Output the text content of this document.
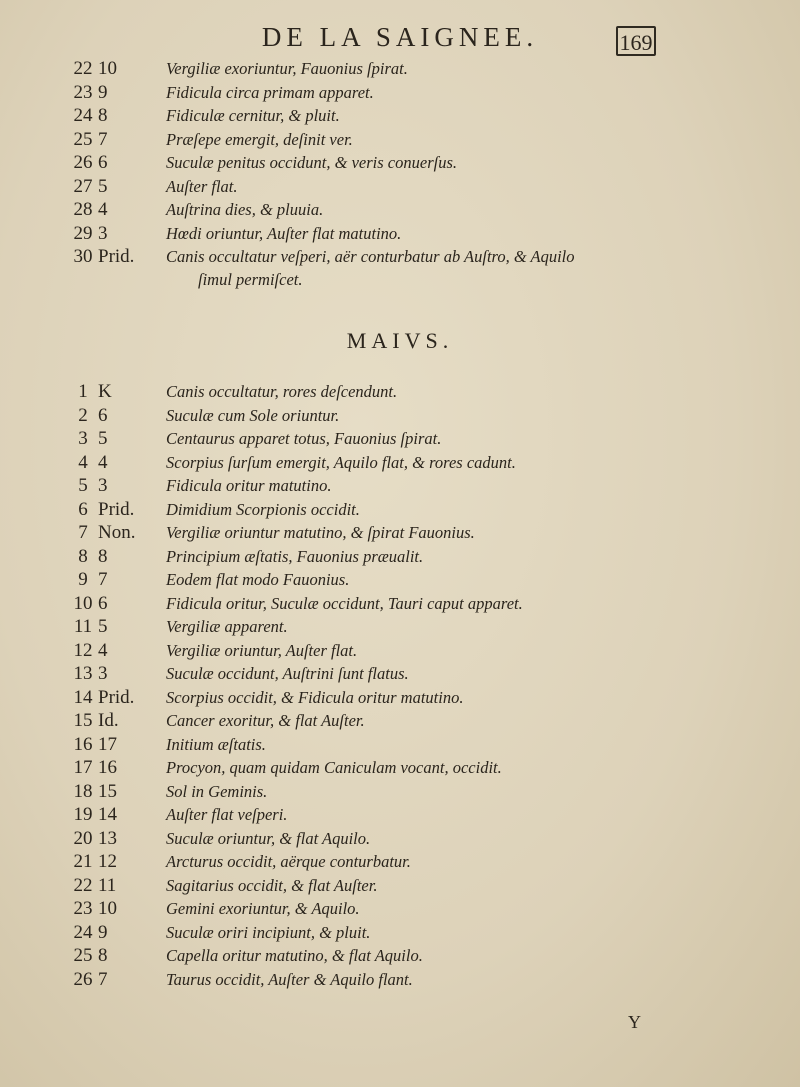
DE LA SAIGNEE.	169
22 10	Vergiliæ exoriuntur, Fauonius ſpirat.
23 9	Fidicula circa primam apparet.
24 8	Fidiculæ cernitur, & pluit.
25 7	Præſepe emergit, deſinit ver.
26 6	Suculæ penitus occidunt, & veris conuerſus.
27 5	Auſter flat.
28 4	Auſtrina dies, & pluuia.
29 3	Hœdi oriuntur, Auſter flat matutino.
30 Prid.	Canis occultatur veſperi, aër conturbatur ab Auſtro, & Aquilo
ſimul permiſcet.
MAIVS.
1 K	Canis occultatur, rores deſcendunt.
2 6	Suculæ cum Sole oriuntur.
3 5	Centaurus apparet totus, Fauonius ſpirat.
4 4	Scorpius ſurſum emergit, Aquilo flat, & rores cadunt.
5 3	Fidicula oritur matutino.
6 Prid.	Dimidium Scorpionis occidit.
7 Non.	Vergiliæ oriuntur matutino, & ſpirat Fauonius.
8 8	Principium æſtatis, Fauonius præualit.
9 7	Eodem flat modo Fauonius.
10 6	Fidicula oritur, Suculæ occidunt, Tauri caput apparet.
11 5	Vergiliæ apparent.
12 4	Vergiliæ oriuntur, Auſter flat.
13 3	Suculæ occidunt, Auſtrini ſunt flatus.
14 Prid.	Scorpius occidit, & Fidicula oritur matutino.
15 Id.	Cancer exoritur, & flat Auſter.
16 17	Initium æſtatis.
17 16	Procyon, quam quidam Caniculam vocant, occidit.
18 15	Sol in Geminis.
19 14	Auſter flat veſperi.
20 13	Suculæ oriuntur, & flat Aquilo.
21 12	Arcturus occidit, aërque conturbatur.
22 11	Sagitarius occidit, & flat Auſter.
23 10	Gemini exoriuntur, & Aquilo.
24 9	Suculæ oriri incipiunt, & pluit.
25 8	Capella oritur matutino, & flat Aquilo.
26 7	Taurus occidit, Auſter & Aquilo flant.
Y
